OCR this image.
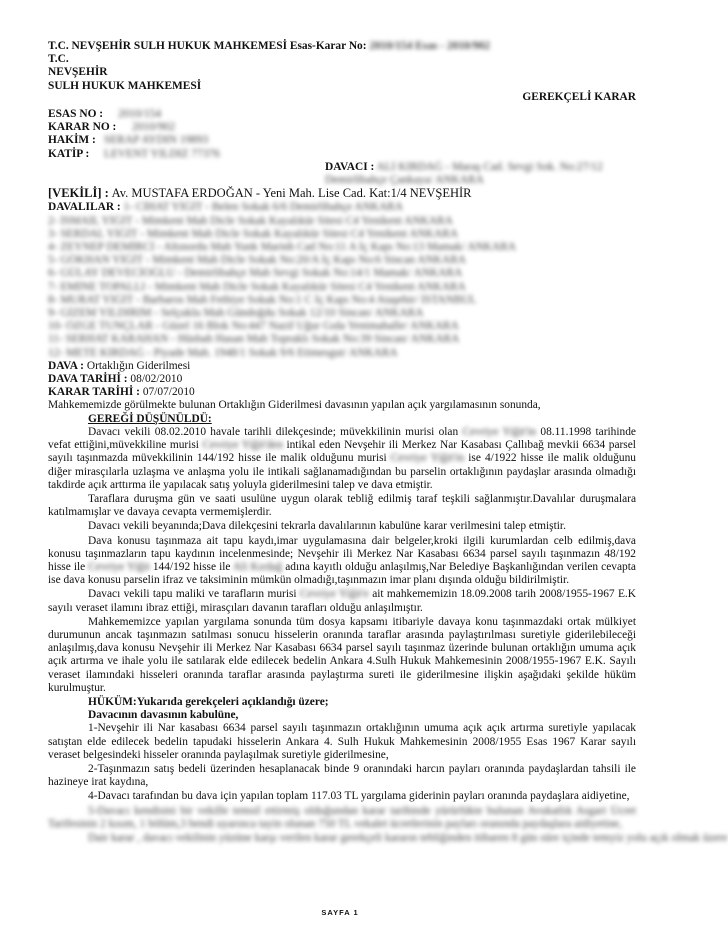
T.C. NEVŞEHİR SULH HUKUK MAHKEMESİ Esas-Karar No: 2010/154 Esas - 2010/902
T.C.
NEVŞEHİR
SULH HUKUK MAHKEMESİ
GEREKÇELİ KARAR
ESAS NO :	2010/154
KARAR NO :	2010/902
HAKİM : SERAP AYDIN 19893
KATİP :	LEVENT YILDIZ 77376
DAVACI : ALİ KIRDAĞ - Maraş Cad. Sevgi Sok. No:27/12 Demirlibahçe Çankaya/ ANKARA
[VEKİLİ] : Av. MUSTAFA ERDOĞAN - Yeni Mah. Lise Cad. Kat:1/4 NEVŞEHİR
DAVALILAR : 1- CİHAT YİĞİT - Belen Sokak 6/6 Demirlibahçe ANKARA
2- İSMAİL YİĞİT - Mimkent Mah Dicle Sokak Kayalıkür Sitesi C4 Yenikent ANKARA
3- SERDAL YİĞİT - Mimkent Mah Dicle Sokak Kayalıkür Sitesi C4 Yenikent ANKARA
4- ZEYNEP DEMİRCİ - Altınordu Mah Yunk Marinh Cad No:11 A İç Kapı No:13 Mamak/ ANKARA
5- GÖKHAN YİĞİT - Mimkent Mah Dicle Sokak No:20/A İç Kapı No:6 Sincan ANKARA
6- GÜLAY DEVECİOĞLU - Demirlibahçe Mah Sevgi Sokak No:14/1 Mamak/ ANKARA
7- EMİNE TOPALLI - Mimkent Mah Dicle Sokak Kayalıkür Sitesi C4 Yenikent ANKARA
8- MURAT YİĞİT - Barbaros Mah Fethiye Sokak No:1 C İç Kapı No:4 Ataşehir/ İSTANBUL
9- GİZEM YILDIRIM - Selçuklu Mah Gündoğdu Sokak 12/10 Sincan/ ANKARA
10- ÖZGE TUNÇLAR - Güzel 16 Blok No:447 Nazif Uğur Gıda Yenimahalle/ ANKARA
11- SERHAT KARAHAN - Hüsbah Hasan Mah Topraklı Sokak No:39 Sincan/ ANKARA
12- METE KIRDAĞ - Piyade Mah. 1948/1 Sokak 9/6 Etimesgut/ ANKARA
DAVA : Ortaklığın Giderilmesi
DAVA TARİHİ : 08/02/2010
KARAR TARİHİ : 07/07/2010
Mahkememizde görülmekte bulunan Ortaklığın Giderilmesi davasının yapılan açık yargılamasının sonunda,
GEREĞİ DÜŞÜNÜLDÜ:

Davacı vekili 08.02.2010 havale tarihli dilekçesinde; müvekkilinin murisi olan Cevriye Yiğit'in 08.11.1998 tarihinde vefat ettiğini,müvekkiline murisi Cevriye Yiğit'den intikal eden Nevşehir ili Merkez Nar Kasabası Çallıbağ mevkii 6634 parsel sayılı taşınmazda müvekkilinin 144/192 hisse ile malik olduğunu murisi Cevriye Yiğit'in ise 4/1922 hisse ile malik olduğunu diğer mirasçılarla uzlaşma ve anlaşma yolu ile intikali sağlanamadığından bu parselin ortaklığının paydaşlar arasında olmadığı takdirde açık arttırma ile yapılacak satış yoluyla giderilmesini talep ve dava etmiştir.

Taraflara duruşma gün ve saati usulüne uygun olarak tebliğ edilmiş taraf teşkili sağlanmıştır.Davalılar duruşmalara katılmamışlar ve davaya cevapta vermemişlerdir.

Davacı vekili beyanında;Dava dilekçesini tekrarla davalılarının kabulüne karar verilmesini talep etmiştir.

Dava konusu taşınmaza ait tapu kaydı,imar uygulamasına dair belgeler,kroki ilgili kurumlardan celb edilmiş,dava konusu taşınmazların tapu kaydının incelenmesinde; Nevşehir ili Merkez Nar Kasabası 6634 parsel sayılı taşınmazın 48/192 hisse ile Cevriye Yiğit 144/192 hisse ile Ali Kırdağ adına kayıtlı olduğu anlaşılmış,Nar Belediye Başkanlığından verilen cevapta ise dava konusu parselin ifraz ve taksiminin mümkün olmadığı,taşınmazın imar planı dışında olduğu bildirilmiştir.

Davacı vekili tapu maliki ve tarafların murisi Cevriye Yiğit'e ait mahkememizin 18.09.2008 tarih 2008/1955-1967 E.K sayılı veraset ilamını ibraz ettiği, mirasçıları davanın tarafları olduğu anlaşılmıştır.

Mahkememizce yapılan yargılama sonunda tüm dosya kapsamı itibariyle davaya konu taşınmazdaki ortak mülkiyet durumunun ancak taşınmazın satılması sonucu hisselerin oranında taraflar arasında paylaştırılması suretiyle giderilebileceği anlaşılmış,dava konusu Nevşehir ili Merkez Nar Kasabası 6634 parsel sayılı taşınmaz üzerinde bulunan ortaklığın umuma açık açık artırma ve ihale yolu ile satılarak elde edilecek bedelin Ankara 4.Sulh Hukuk Mahkemesinin 2008/1955-1967 E.K. Sayılı veraset ilamındaki hisseleri oranında taraflar arasında paylaştırma sureti ile giderilmesine ilişkin aşağıdaki şekilde hüküm kurulmuştur.

HÜKÜM:Yukarıda gerekçeleri açıklandığı üzere;
Davacının davasının kabulüne,

1-Nevşehir ili Nar kasabası 6634 parsel sayılı taşınmazın ortaklığının umuma açık açık artırma suretiyle yapılacak satıştan elde edilecek bedelin tapudaki hisselerin Ankara 4. Sulh Hukuk Mahkemesinin 2008/1955 Esas 1967 Karar sayılı veraset belgesindeki hisseler oranında paylaşılmak suretiyle giderilmesine,

2-Taşınmazın satış bedeli üzerinden hesaplanacak binde 9 oranındaki harcın payları oranında paydaşlardan tahsili ile hazineye irat kaydına,

4-Davacı tarafından bu dava için yapılan toplam 117.03 TL yargılama giderinin payları oranında paydaşlara aidiyetine,

5-Davacı kendisini bir vekille temsil ettirmiş olduğundan karar tarihinde yürürlükte bulunan Avukatlık Asgari Ücret Tarifesinin 2 kısım, 1 bölüm,3 bendi uyarınca tayin olunan 750 TL vekalet ücretlerinin payları oranında paydaşlara aidiyetine,

Dair karar , davacı vekilinin yüzüne karşı verilen karar gerekçeli kararın tebliğinden itibaren 8 gün süre içinde temyiz yolu açık olmak üzere

SAYFA 1
